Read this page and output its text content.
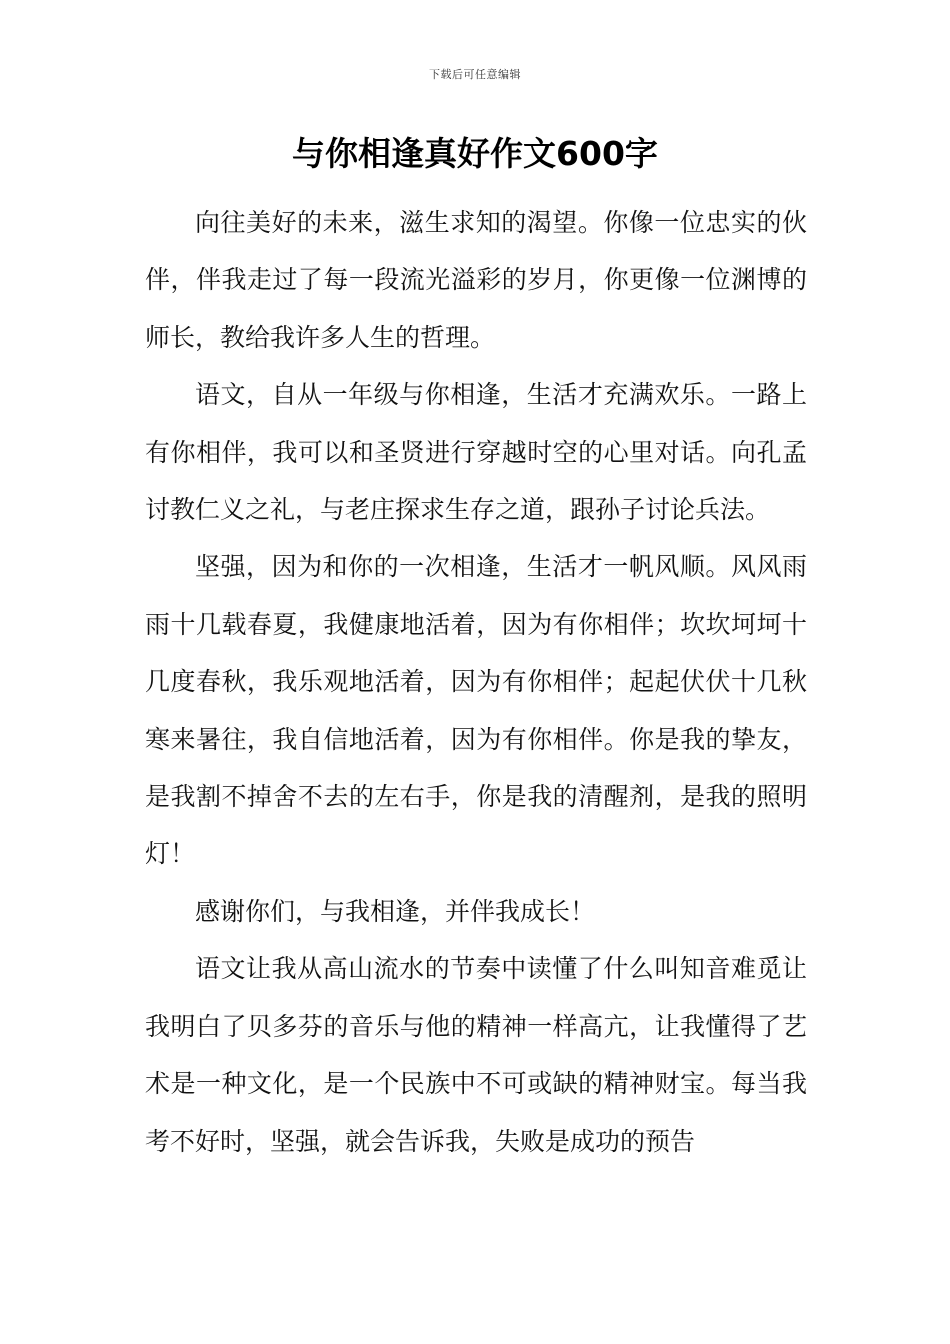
下载后可任意编辑
与你相逢真好作文600字

向往美好的未来，滋生求知的渴望。你像一位忠实的伙伴，伴我走过了每一段流光溢彩的岁月，你更像一位渊博的师长，教给我许多人生的哲理。

语文，自从一年级与你相逢，生活才充满欢乐。一路上有你相伴，我可以和圣贤进行穿越时空的心里对话。向孔孟讨教仁义之礼，与老庄探求生存之道，跟孙子讨论兵法。

坚强，因为和你的一次相逢，生活才一帆风顺。风风雨雨十几载春夏，我健康地活着，因为有你相伴；坎坎坷坷十几度春秋，我乐观地活着，因为有你相伴；起起伏伏十几秋寒来暑往，我自信地活着，因为有你相伴。你是我的挚友，是我割不掉舍不去的左右手，你是我的清醒剂，是我的照明灯！

感谢你们，与我相逢，并伴我成长！

语文让我从高山流水的节奏中读懂了什么叫知音难觅让我明白了贝多芬的音乐与他的精神一样高亢，让我懂得了艺术是一种文化，是一个民族中不可或缺的精神财宝。每当我考不好时，坚强，就会告诉我，失败是成功的预告
